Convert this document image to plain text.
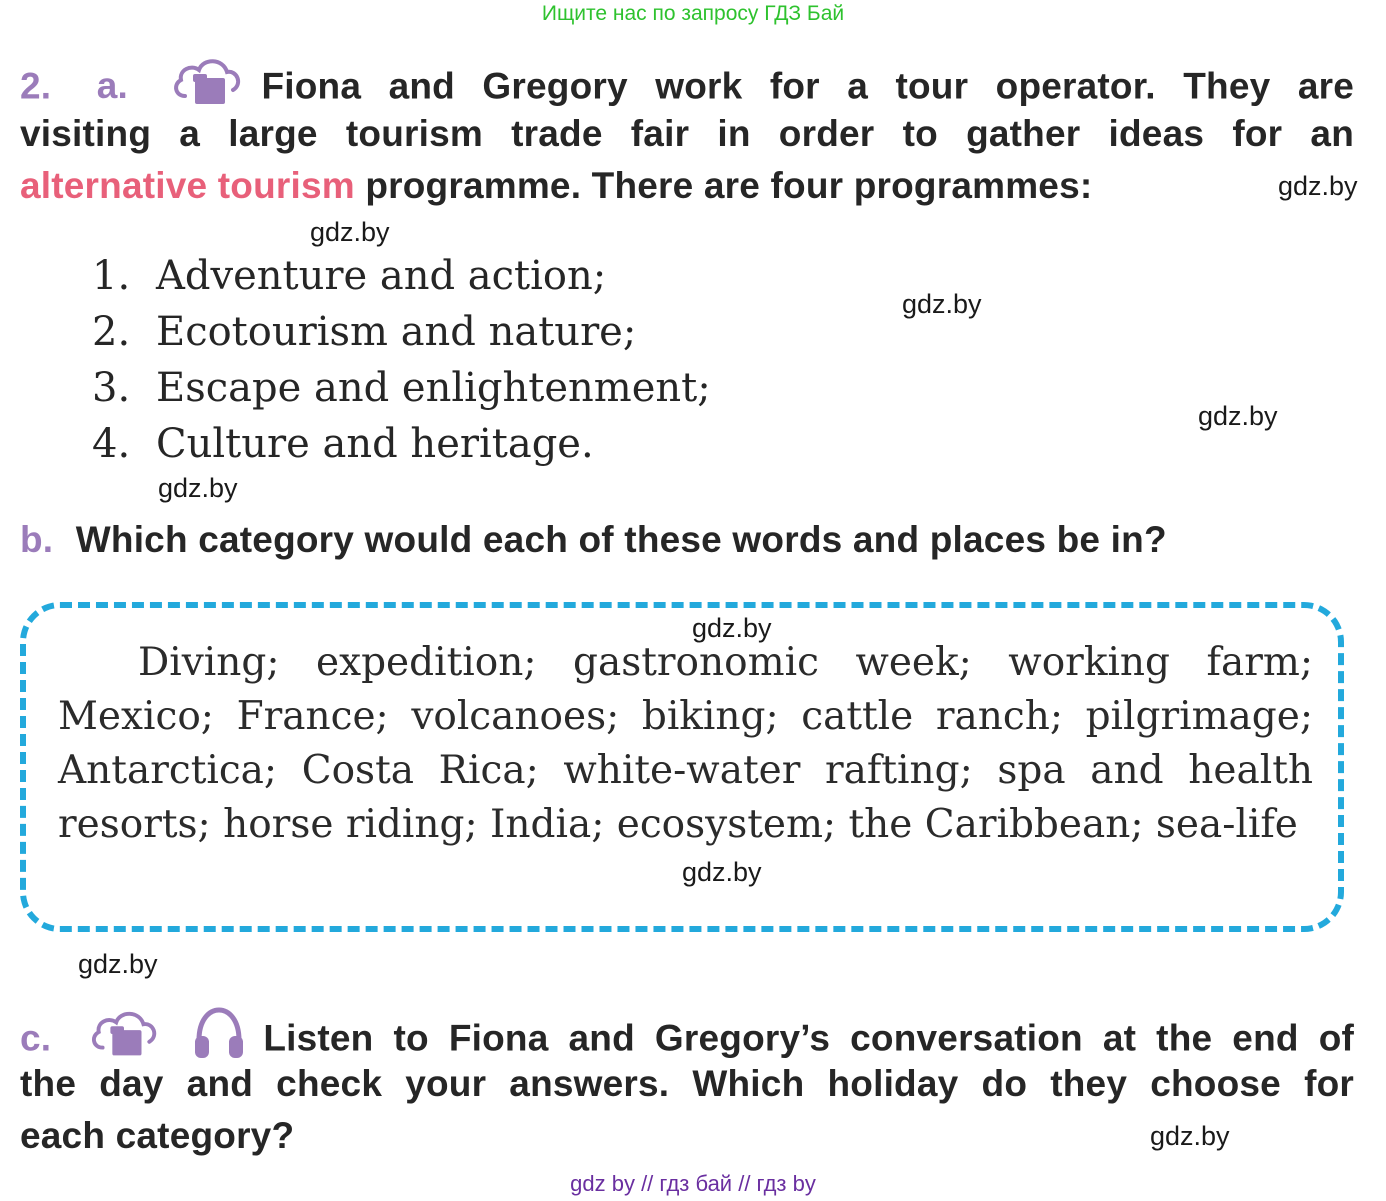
Ищите нас по запросу ГДЗ Бай
2. a.	Fiona and Gregory work for a tour operator. They are
visiting a large tourism trade fair in order to gather ideas for an
alternative tourism programme. There are four programmes:
1. Adventure and action;
2. Ecotourism and nature;
3. Escape and enlightenment;
4. Culture and heritage.
b. Which category would each of these words and places be in?
Diving; expedition; gastronomic week; working farm; Mexico; France; volcanoes; biking; cattle ranch; pilgrimage; Antarctica; Costa Rica; white-water rafting; spa and health resorts; horse riding; India; ecosystem; the Caribbean; sea-life
c.	Listen to Fiona and Gregory’s conversation at the end of
the day and check your answers. Which holiday do they choose for
each category?
gdz.by
gdz.by
gdz.by
gdz.by
gdz.by
gdz.by
gdz.by
gdz.by
gdz.by
gdz by // гдз бай // гдз by
